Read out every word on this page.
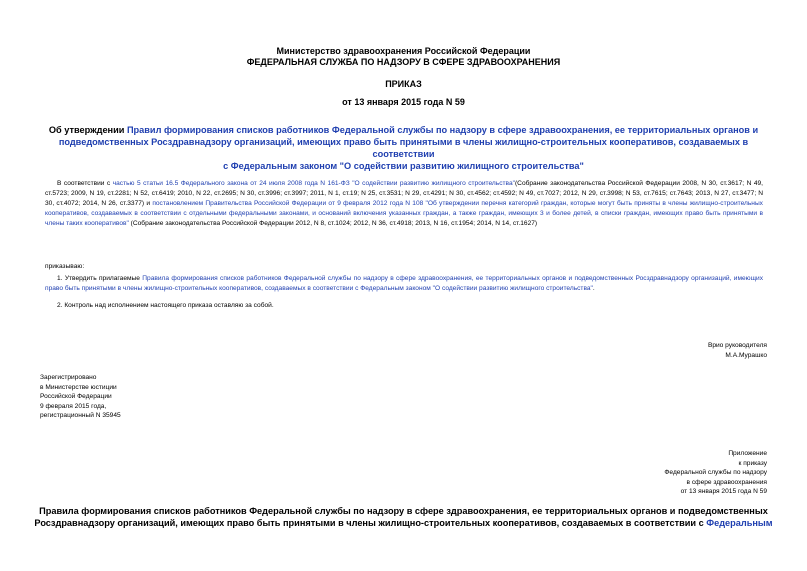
Министерство здравоохранения Российской Федерации
ФЕДЕРАЛЬНАЯ СЛУЖБА ПО НАДЗОРУ В СФЕРЕ ЗДРАВООХРАНЕНИЯ
ПРИКАЗ
от 13 января 2015 года N 59
Об утверждении Правил формирования списков работников Федеральной службы по надзору в сфере здравоохранения, ее территориальных органов и
подведомственных Росздравнадзору организаций, имеющих право быть принятыми в члены жилищно-строительных кооперативов, создаваемых в соответствии
с Федеральным законом "О содействии развитию жилищного строительства"
В соответствии с частью 5 статьи 16.5 Федерального закона от 24 июля 2008 года N 161-ФЗ "О содействии развитию жилищного строительства"(Собрание законодательства Российской Федерации 2008, N 30, ст.3617; N 49, ст.5723; 2009, N 19, ст.2281; N 52, ст.6419; 2010, N 22, ст.2695; N 30, ст.3996; ст.3997; 2011, N 1, ст.19; N 25, ст.3531; N 29, ст.4291; N 30, ст.4562; ст.4592; N 49, ст.7027; 2012, N 29, ст.3998; N 53, ст.7615; ст.7643; 2013, N 27, ст.3477; N 30, ст.4072; 2014, N 26, ст.3377) и постановлением Правительства Российской Федерации от 9 февраля 2012 года N 108 "Об утверждении перечня категорий граждан, которые могут быть приняты в члены жилищно-строительных кооперативов, создаваемых в соответствии с отдельными федеральными законами, и оснований включения указанных граждан, а также граждан, имеющих 3 и более детей, в списки граждан, имеющих право быть принятыми в члены таких кооперативов" (Собрание законодательства Российской Федерации 2012, N 8, ст.1024; 2012, N 36, ст.4918; 2013, N 16, ст.1954; 2014, N 14, ст.1627)
приказываю:
1. Утвердить прилагаемые Правила формирования списков работников Федеральной службы по надзору в сфере здравоохранения, ее территориальных органов и подведомственных Росздравнадзору организаций, имеющих право быть принятыми в члены жилищно-строительных кооперативов, создаваемых в соответствии с Федеральным законом "О содействии развитию жилищного строительства".
2. Контроль над исполнением настоящего приказа оставляю за собой.
Врио руководителя
М.А.Мурашко
Зарегистрировано
в Министерстве юстиции
Российской Федерации
9 февраля 2015 года,
регистрационный N 35945
Приложение
к приказу
Федеральной службы по надзору
в сфере здравоохранения
от 13 января 2015 года N 59
Правила формирования списков работников Федеральной службы по надзору в сфере здравоохранения, ее территориальных органов и подведомственных
Росздравнадзору организаций, имеющих право быть принятыми в члены жилищно-строительных кооперативов, создаваемых в соответствии с Федеральным
